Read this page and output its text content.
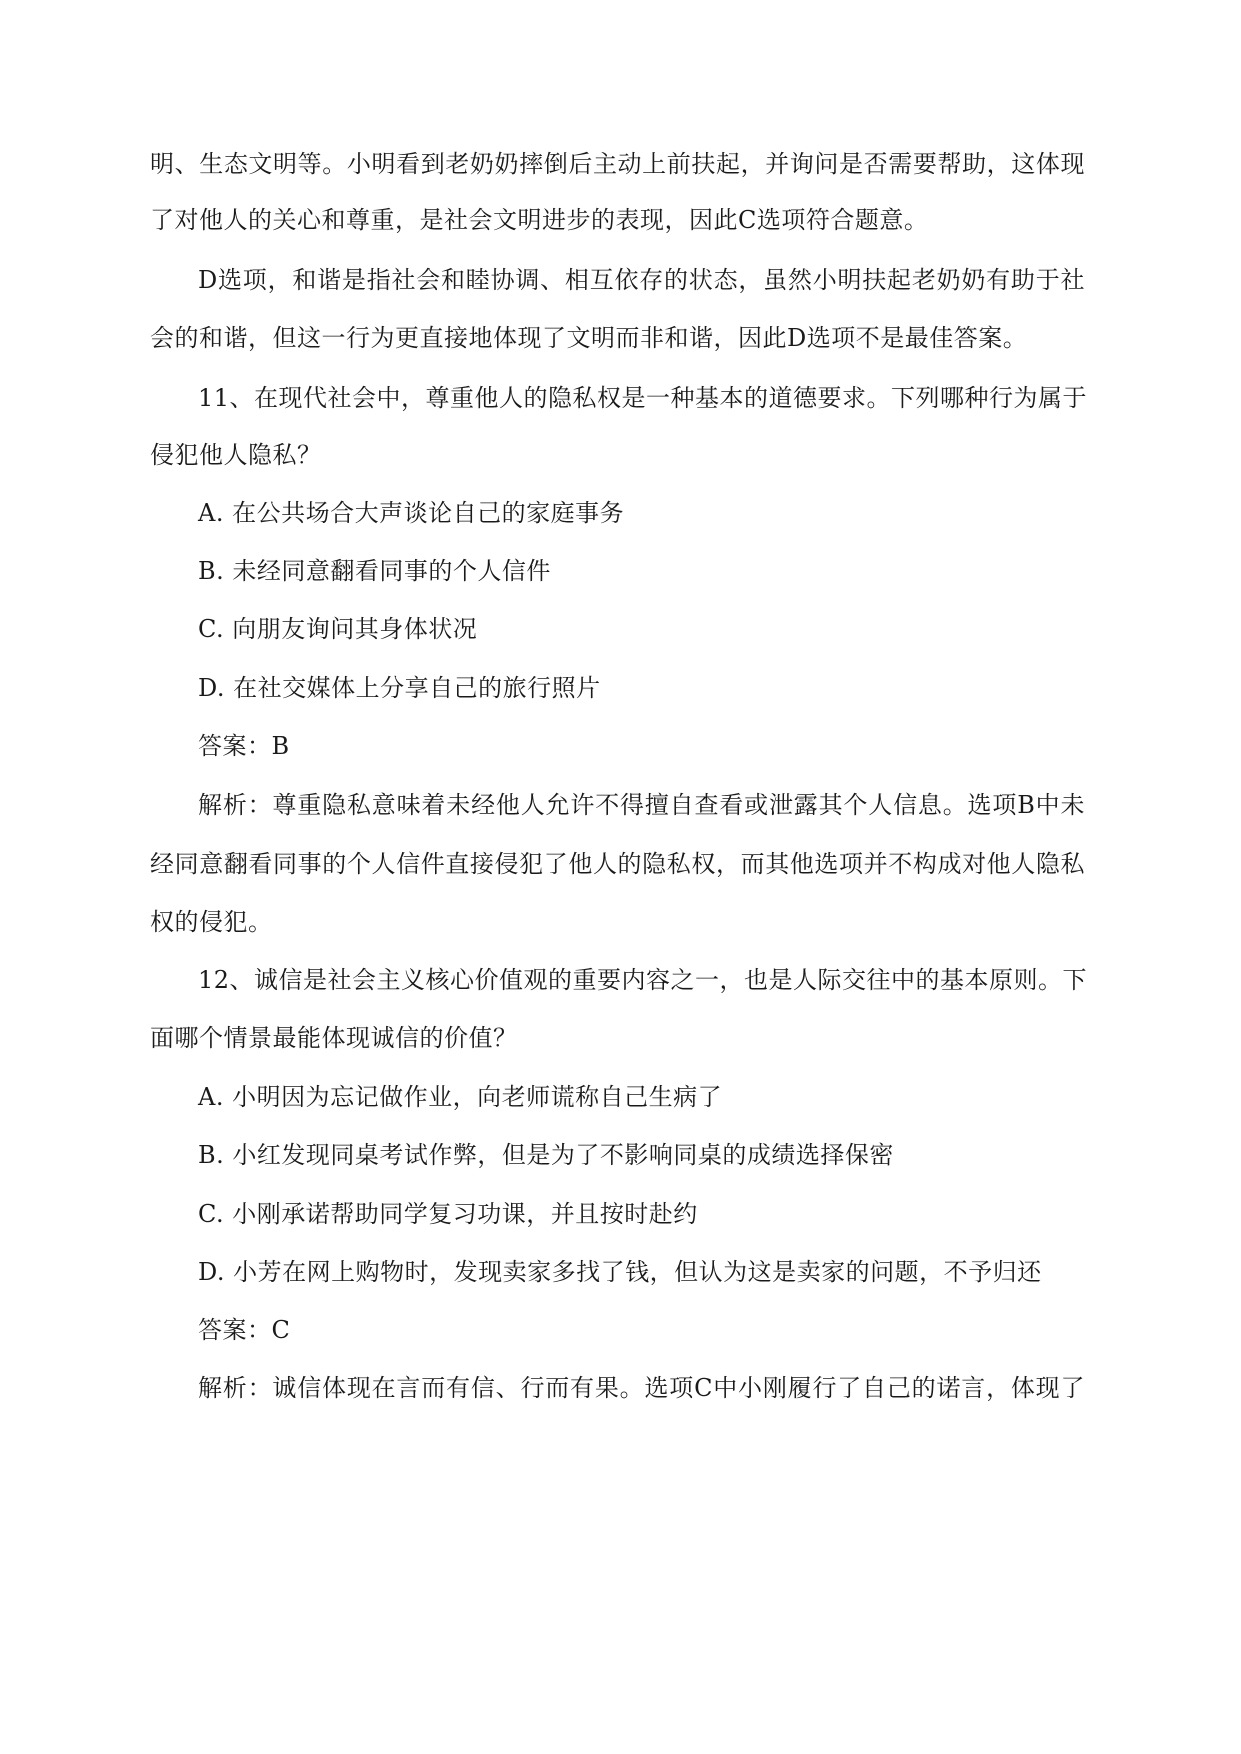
明、生态文明等。小明看到老奶奶摔倒后主动上前扶起，并询问是否需要帮助，这体现
了对他人的关心和尊重，是社会文明进步的表现，因此C选项符合题意。
D选项，和谐是指社会和睦协调、相互依存的状态，虽然小明扶起老奶奶有助于社
会的和谐，但这一行为更直接地体现了文明而非和谐，因此D选项不是最佳答案。
11、在现代社会中，尊重他人的隐私权是一种基本的道德要求。下列哪种行为属于
侵犯他人隐私？
A. 在公共场合大声谈论自己的家庭事务
B. 未经同意翻看同事的个人信件
C. 向朋友询问其身体状况
D. 在社交媒体上分享自己的旅行照片
答案：B
解析：尊重隐私意味着未经他人允许不得擅自查看或泄露其个人信息。选项B中未
经同意翻看同事的个人信件直接侵犯了他人的隐私权，而其他选项并不构成对他人隐私
权的侵犯。
12、诚信是社会主义核心价值观的重要内容之一，也是人际交往中的基本原则。下
面哪个情景最能体现诚信的价值？
A. 小明因为忘记做作业，向老师谎称自己生病了
B. 小红发现同桌考试作弊，但是为了不影响同桌的成绩选择保密
C. 小刚承诺帮助同学复习功课，并且按时赴约
D. 小芳在网上购物时，发现卖家多找了钱，但认为这是卖家的问题，不予归还
答案：C
解析：诚信体现在言而有信、行而有果。选项C中小刚履行了自己的诺言，体现了
